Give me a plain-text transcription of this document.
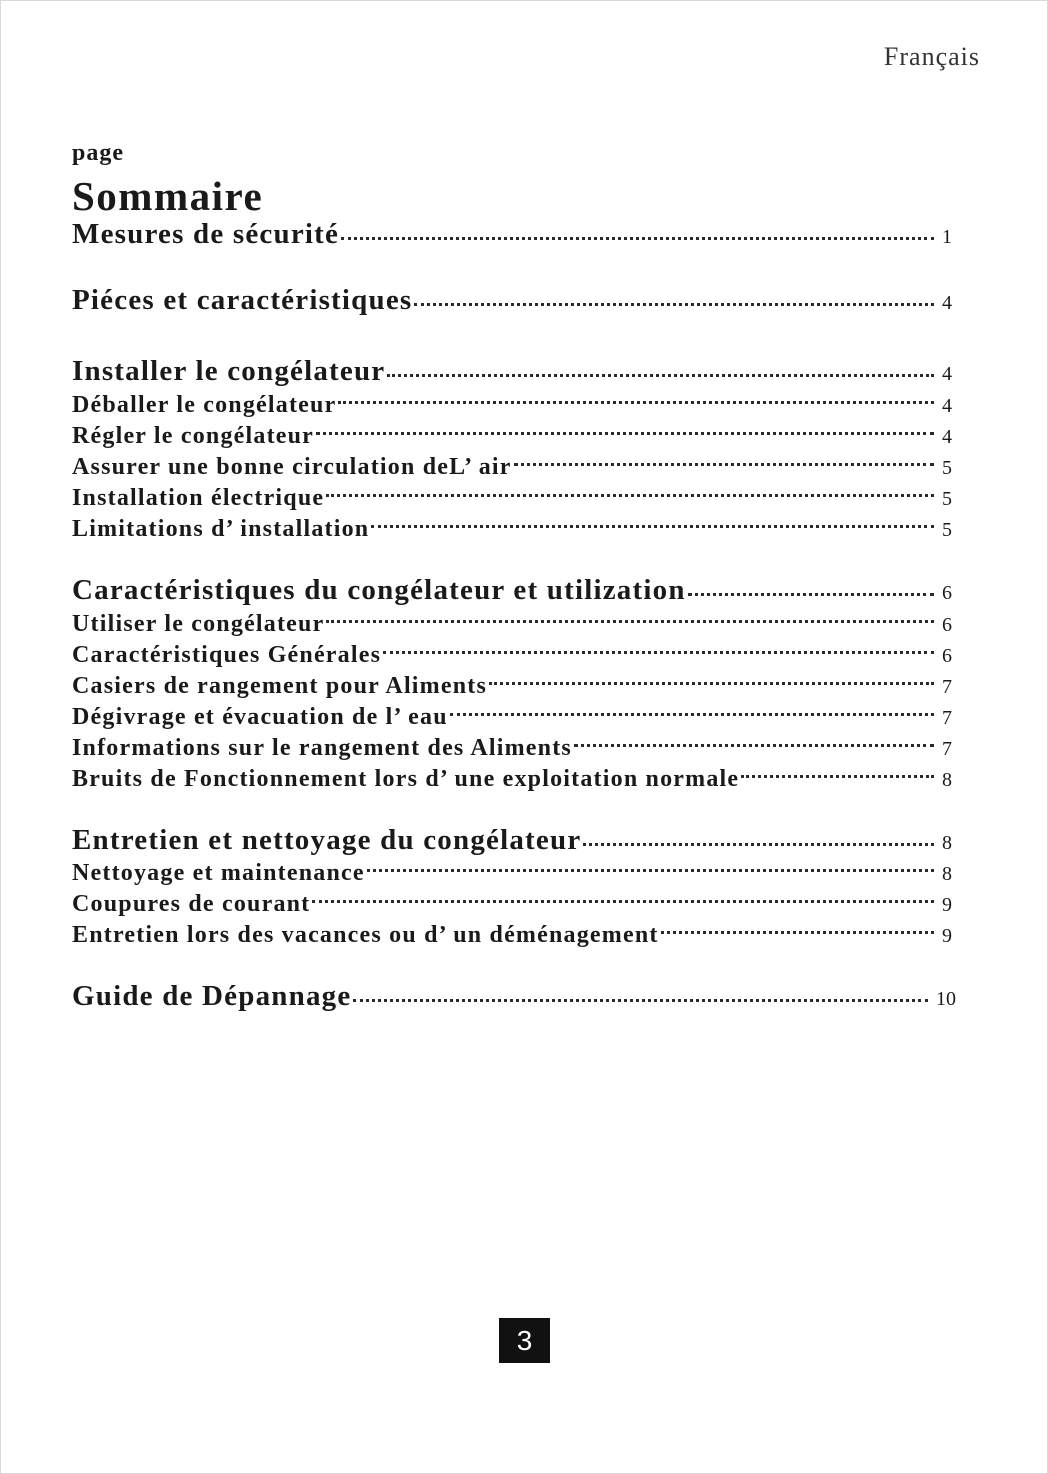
Français
page
Sommaire
Mesures de sécurité	1
Piéces et caractéristiques	4
Installer le congélateur	4
Déballer le congélateur	4
Régler le congélateur	4
Assurer une bonne circulation deL’ air	5
Installation électrique	5
Limitations d’ installation	5
Caractéristiques du congélateur et utilization	6
Utiliser le congélateur	6
Caractéristiques Générales	6
Casiers de rangement pour Aliments	7
Dégivrage et évacuation de l’ eau	7
Informations sur le rangement des Aliments	7
Bruits de Fonctionnement lors d’ une exploitation normale	8
Entretien et nettoyage du congélateur	8
Nettoyage et maintenance	8
Coupures de courant	9
Entretien lors des vacances ou d’ un déménagement	9
Guide de Dépannage	10
3
